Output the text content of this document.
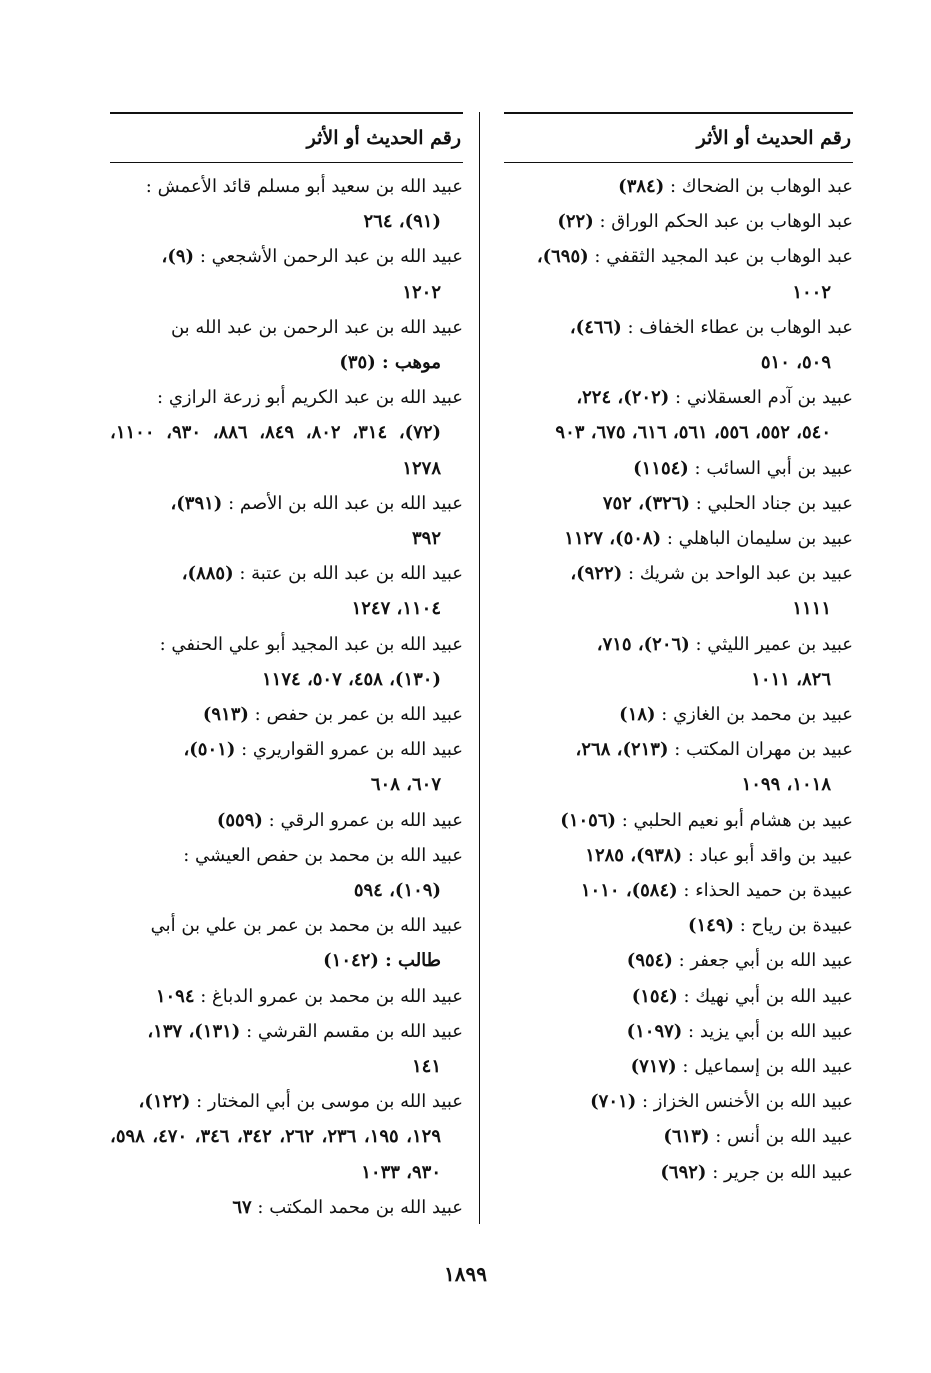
رقم الحديث أو الأثر
عبد الوهاب بن الضحاك : (٣٨٤)
عبد الوهاب بن عبد الحكم الوراق : (٢٢)
عبد الوهاب بن عبد المجيد الثقفي : (٦٩٥)،
١٠٠٢
عبد الوهاب بن عطاء الخفاف : (٤٦٦)،
٥٠٩، ٥١٠
عبيد بن آدم العسقلاني : (٢٠٢)، ٢٢٤،
٥٤٠، ٥٥٢، ٥٥٦، ٥٦١، ٦١٦، ٦٧٥، ٩٠٣
عبيد بن أبي السائب : (١١٥٤)
عبيد بن جناد الحلبي : (٣٢٦)، ٧٥٢
عبيد بن سليمان الباهلي : (٥٠٨)، ١١٢٧
عبيد بن عبد الواحد بن شريك : (٩٢٢)،
١١١١
عبيد بن عمير الليثي : (٢٠٦)، ٧١٥،
٨٢٦، ١٠١١
عبيد بن محمد بن الغازي : (١٨)
عبيد بن مهران المكتب : (٢١٣)، ٢٦٨،
١٠١٨، ١٠٩٩
عبيد بن هشام أبو نعيم الحلبي : (١٠٥٦)
عبيد بن واقد أبو عباد : (٩٣٨)، ١٢٨٥
عبيدة بن حميد الحذاء : (٥٨٤)، ١٠١٠
عبيدة بن رياح : (١٤٩)
عبيد الله بن أبي جعفر : (٩٥٤)
عبيد الله بن أبي نهيك : (١٥٤)
عبيد الله بن أبي يزيد : (١٠٩٧)
عبيد الله بن إسماعيل : (٧١٧)
عبيد الله بن الأخنس الخزاز : (٧٠١)
عبيد الله بن أنس : (٦١٣)
عبيد الله بن جرير : (٦٩٢)
رقم الحديث أو الأثر
عبيد الله بن سعيد أبو مسلم قائد الأعمش :
(٩١)، ٢٦٤
عبيد الله بن عبد الرحمن الأشجعي : (٩)،
١٢٠٢
عبيد الله بن عبد الرحمن بن عبد الله بن
موهب : (٣٥)
عبيد الله بن عبد الكريم أبو زرعة الرازي :
(٧٢)، ٣١٤، ٨٠٢، ٨٤٩، ٨٨٦، ٩٣٠، ١١٠٠، ١٢٧٨
عبيد الله بن عبد الله بن الأصم : (٣٩١)،
٣٩٢
عبيد الله بن عبد الله بن عتبة : (٨٨٥)،
١١٠٤، ١٢٤٧
عبيد الله بن عبد المجيد أبو علي الحنفي :
(١٣٠)، ٤٥٨، ٥٠٧، ١١٧٤
عبيد الله بن عمر بن حفص : (٩١٣)
عبيد الله بن عمرو القواريري : (٥٠١)،
٦٠٧، ٦٠٨
عبيد الله بن عمرو الرقي : (٥٥٩)
عبيد الله بن محمد بن حفص العيشي :
(١٠٩)، ٥٩٤
عبيد الله بن محمد بن عمر بن علي بن أبي
طالب : (١٠٤٢)
عبيد الله بن محمد بن عمرو الدباغ : ١٠٩٤
عبيد الله بن مقسم القرشي : (١٣١)، ١٣٧،
١٤١
عبيد الله بن موسى بن أبي المختار : (١٢٢)،
١٢٩، ١٩٥، ٢٣٦، ٢٦٢، ٣٤٢، ٣٤٦، ٤٧٠، ٥٩٨، ٩٣٠، ١٠٣٣
عبيد الله بن محمد المكتب : ٦٧
١٨٩٩
